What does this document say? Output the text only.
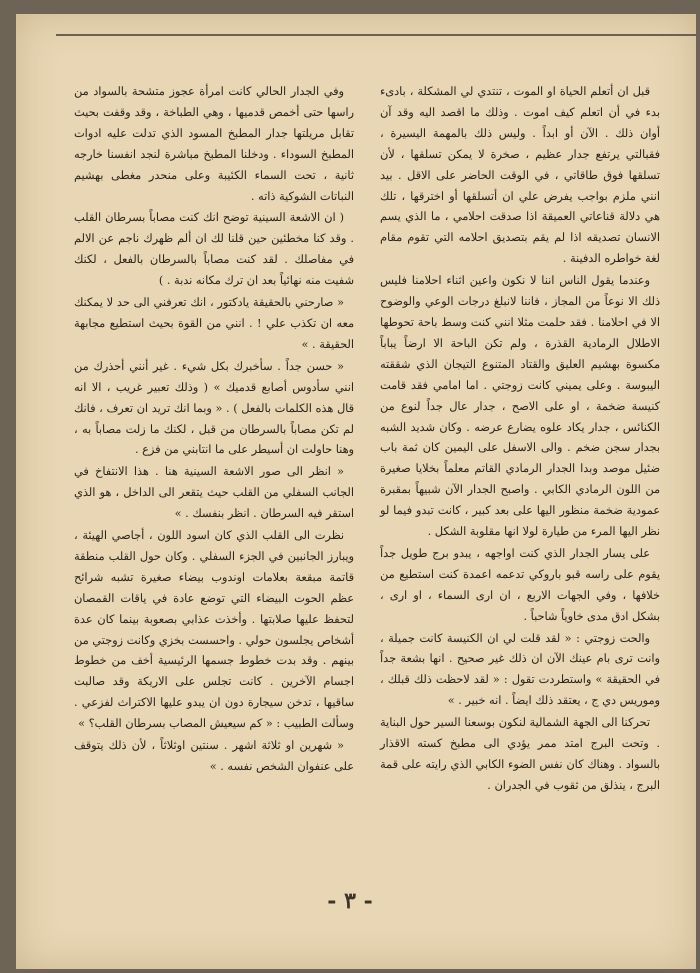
قبل ان أتعلم الحياة او الموت ، تنتدي لي المشكلة ، بادىء بدء في أن اتعلم كيف اموت . وذلك ما اقصد اليه وقد آن أوان ذلك . الآن أو ابداً . وليس ذلك بالمهمة اليسيرة ، فقبالتي يرتفع جدار عظيم ، صخرة لا يمكن تسلقها ، لأن تسلقها فوق طاقاتي ، في الوقت الحاضر على الاقل . بيد انني ملزم بواجب يفرض علي ان أتسلقها أو اخترقها ، تلك هي دلالة قناعاتي العميقة اذا صدقت احلامي ، ما الذي يسم الانسان تصديقه اذا لم يقم بتصديق احلامه التي تقوم مقام لغة خواطره الدفينة .

وعندما يقول الناس اننا لا نكون واعين اثناء احلامنا فليس ذلك الا نوعاً من المجاز ، فاننا لانبلغ درجات الوعي والوضوح الا في احلامنا . فقد حلمت مثلا انني كنت وسط باحة تحوطها الاطلال الرمادية القذرة ، ولم تكن الباحة الا ارضاً يباباً مكسوة بهشيم العليق والقتاد المتنوع التيجان الذي شققته اليبوسة . وعلى يميني كانت زوجتي . اما امامي فقد قامت كنيسة ضخمة ، او على الاصح ، جدار عال جداً لنوع من الكنائس ، جدار يكاد علوه يضارع عرضه . وكان شديد الشبه بجدار سجن ضخم . والى الاسفل على اليمين كان ثمة باب ضئيل موصد وبدا الجدار الرمادي القاتم معلماً بخلايا صغيرة من اللون الرمادي الكابي . واصبح الجدار الآن شبيهاً بمقبرة عمودية ضخمة منظور اليها على بعد كبير ، كانت تبدو فيما لو نظر اليها المرء من طيارة لولا انها مقلوبة الشكل .

على يسار الجدار الذي كنت اواجهه ، يبدو برج طويل جداً يقوم على راسه قبو باروكي تدعمه اعمدة كنت استطيع من خلافها ، وفي الجهات الاربع ، ان ارى السماء ، او ارى ، بشكل ادق مدى خاوياً شاحباً .

والحت زوجتي : « لقد قلت لي ان الكنيسة كانت جميلة ، وانت ترى بام عينك الآن ان ذلك غير صحيح . انها بشعة جداً في الحقيقة » واستطردت تقول : « لقد لاحظت ذلك قبلك ، وموريس دي ج ، يعتقد ذلك ايضاً . انه خبير . »

تحركنا الى الجهة الشمالية لنكون بوسعنا السير حول البناية . وتحت البرج امتد ممر يؤدي الى مطبخ كسته الاقذار بالسواد . وهناك كان نفس الضوء الكابي الذي رايته على قمة البرج ، ينذلق من ثقوب في الجدران .

وفي الجدار الحالي كانت امرأة عجوز متشحة بالسواد من راسها حتى أخمص قدميها ، وهي الطباخة ، وقد وقفت بحيث تقابل مريلتها جدار المطبخ المسود الذي تدلت عليه ادوات المطبخ السوداء . ودخلنا المطبخ مباشرة لنجد انفسنا خارجه ثانية ، تحت السماء الكئيبة وعلى منحدر مغطى بهشيم النباتات الشوكية ذاته .

( ان الاشعة السينية توضح انك كنت مصاباً بسرطان القلب . وقد كنا مخطئين حين قلنا لك ان ألم ظهرك ناجم عن الالم في مفاصلك . لقد كنت مصاباً بالسرطان بالفعل ، لكنك شفيت منه نهائياً بعد ان ترك مكانه ندبة . )

« صارحني بالحقيقة يادكتور ، انك تعرفني الى حد لا يمكنك معه ان تكذب علي ! . انني من القوة بحيث استطيع مجابهة الحقيقة . »

« حسن جداً . سأخبرك بكل شيء . غير أنني أحذرك من انني سأدوس أصابع قدميك » ( وذلك تعبير غريب ، الا انه قال هذه الكلمات بالفعل ) . « وبما انك تريد ان تعرف ، فانك لم تكن مصاباً بالسرطان من قبل ، لكنك ما زلت مصاباً به ، وهنا حاولت ان أسيطر على ما انتابني من فزع .

« انظر الى صور الاشعة السينية هنا . هذا الانتفاخ في الجانب السفلي من القلب حيث يتقعر الى الداخل ، هو الذي استقر فيه السرطان . انظر بنفسك . »

نظرت الى القلب الذي كان اسود اللون ، أجاصي الهيئة ، ويبارز الجانبين في الجزء السفلي . وكان حول القلب منطقة قاتمة مبقعة بعلامات اوندوب بيضاء صغيرة تشبه شرائح عظم الحوت البيضاء التي توضع عادة في ياقات القمصان لتحفظ عليها صلابتها . وأخذت عذابي بصعوبة بينما كان عدة أشخاص يجلسون حولي . واحسست بخزي وكانت زوجتي من بينهم . وقد بدت خطوط جسمها الرئيسية أخف من خطوط اجسام الآخرين . كانت تجلس على الاريكة وقد صالبت ساقيها ، تدخن سيجارة دون ان يبدو عليها الاكتراث لفزعي . وسألت الطبيب : « كم سيعيش المصاب بسرطان القلب؟ »

« شهرين او ثلاثة اشهر . سنتين اوثلاثاً ، لأن ذلك يتوقف على عنفوان الشخص نفسه . »

- ٣ -
